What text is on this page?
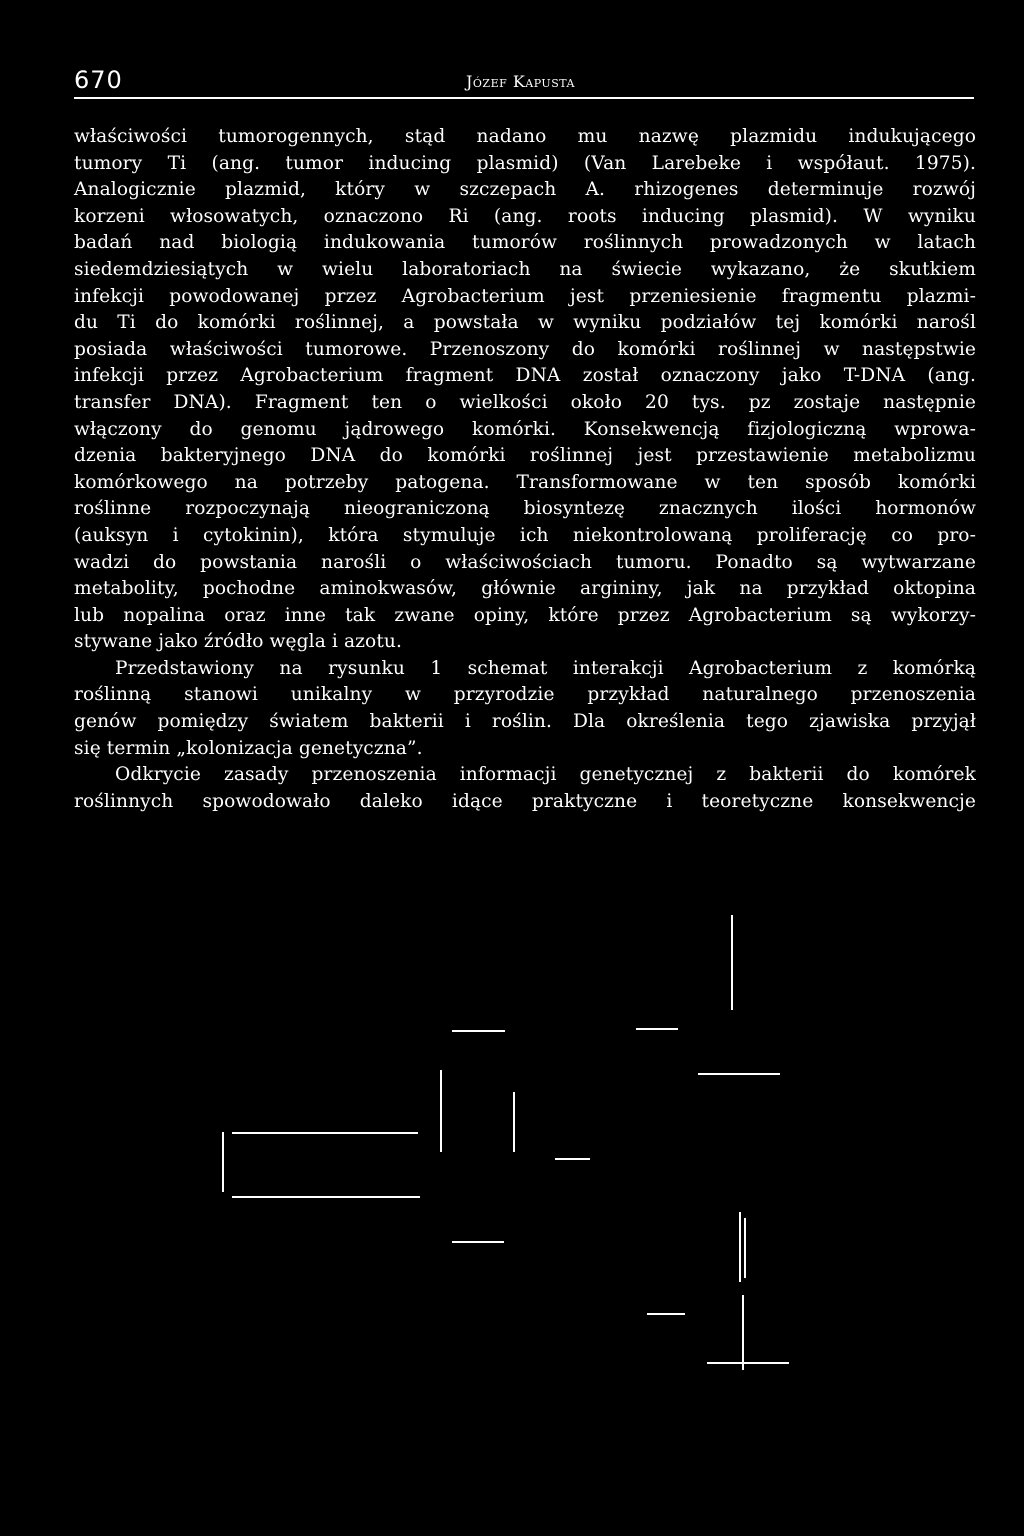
670	Józef Kapusta
właściwości tumorogennych, stąd nadano mu nazwę plazmidu indukującego
tumory Ti (ang. tumor inducing plasmid) (Van Larebeke i współaut. 1975).
Analogicznie plazmid, który w szczepach A. rhizogenes determinuje rozwój
korzeni włosowatych, oznaczono Ri (ang. roots inducing plasmid). W wyniku
badań nad biologią indukowania tumorów roślinnych prowadzonych w latach
siedemdziesiątych w wielu laboratoriach na świecie wykazano, że skutkiem
infekcji powodowanej przez Agrobacterium jest przeniesienie fragmentu plazmi-
du Ti do komórki roślinnej, a powstała w wyniku podziałów tej komórki narośl
posiada właściwości tumorowe. Przenoszony do komórki roślinnej w następstwie
infekcji przez Agrobacterium fragment DNA został oznaczony jako T-DNA (ang.
transfer DNA). Fragment ten o wielkości około 20 tys. pz zostaje następnie
włączony do genomu jądrowego komórki. Konsekwencją fizjologiczną wprowa-
dzenia bakteryjnego DNA do komórki roślinnej jest przestawienie metabolizmu
komórkowego na potrzeby patogena. Transformowane w ten sposób komórki
roślinne rozpoczynają nieograniczoną biosyntezę znacznych ilości hormonów
(auksyn i cytokinin), która stymuluje ich niekontrolowaną proliferację co pro-
wadzi do powstania narośli o właściwościach tumoru. Ponadto są wytwarzane
metabolity, pochodne aminokwasów, głównie argininy, jak na przykład oktopina
lub nopalina oraz inne tak zwane opiny, które przez Agrobacterium są wykorzy-
stywane jako źródło węgla i azotu.
Przedstawiony na rysunku 1 schemat interakcji Agrobacterium z komórką
roślinną stanowi unikalny w przyrodzie przykład naturalnego przenoszenia
genów pomiędzy światem bakterii i roślin. Dla określenia tego zjawiska przyjął
się termin „kolonizacja genetyczna”.
Odkrycie zasady przenoszenia informacji genetycznej z bakterii do komórek
roślinnych spowodowało daleko idące praktyczne i teoretyczne konsekwencje
